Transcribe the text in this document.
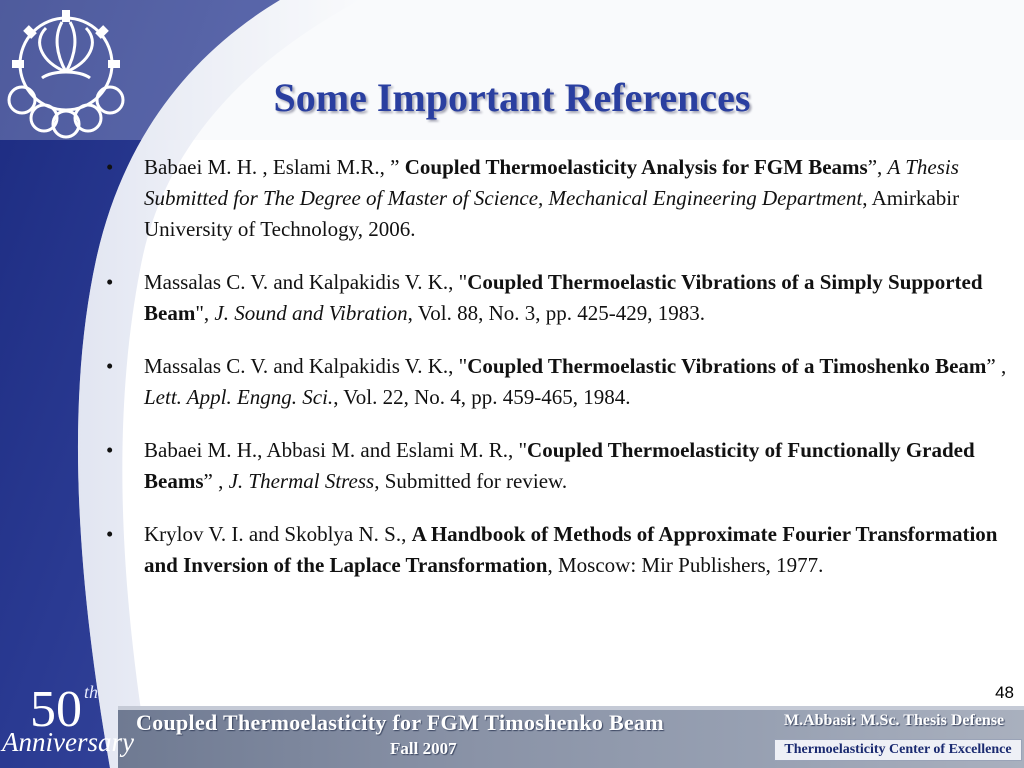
Some Important References
• Babaei M. H. , Eslami M.R., ” Coupled Thermoelasticity Analysis for FGM Beams”, A Thesis Submitted for The Degree of Master of Science, Mechanical Engineering Department, Amirkabir University of Technology, 2006.
• Massalas C. V. and Kalpakidis V. K., "Coupled Thermoelastic Vibrations of a Simply Supported Beam", J. Sound and Vibration, Vol. 88, No. 3, pp. 425-429, 1983.
• Massalas C. V. and Kalpakidis V. K., "Coupled Thermoelastic Vibrations of a Timoshenko Beam” , Lett. Appl. Engng. Sci., Vol. 22, No. 4, pp. 459-465, 1984.
• Babaei M. H., Abbasi M. and Eslami M. R., "Coupled Thermoelasticity of Functionally Graded Beams” , J. Thermal Stress, Submitted for review.
• Krylov V. I. and Skoblya N. S., A Handbook of Methods of Approximate Fourier Transformation and Inversion of the Laplace Transformation, Moscow: Mir Publishers, 1977.
48
Coupled Thermoelasticity for FGM Timoshenko Beam
Fall 2007
M.Abbasi: M.Sc. Thesis Defense
Thermoelasticity Center of Excellence
50 th
Anniversary
